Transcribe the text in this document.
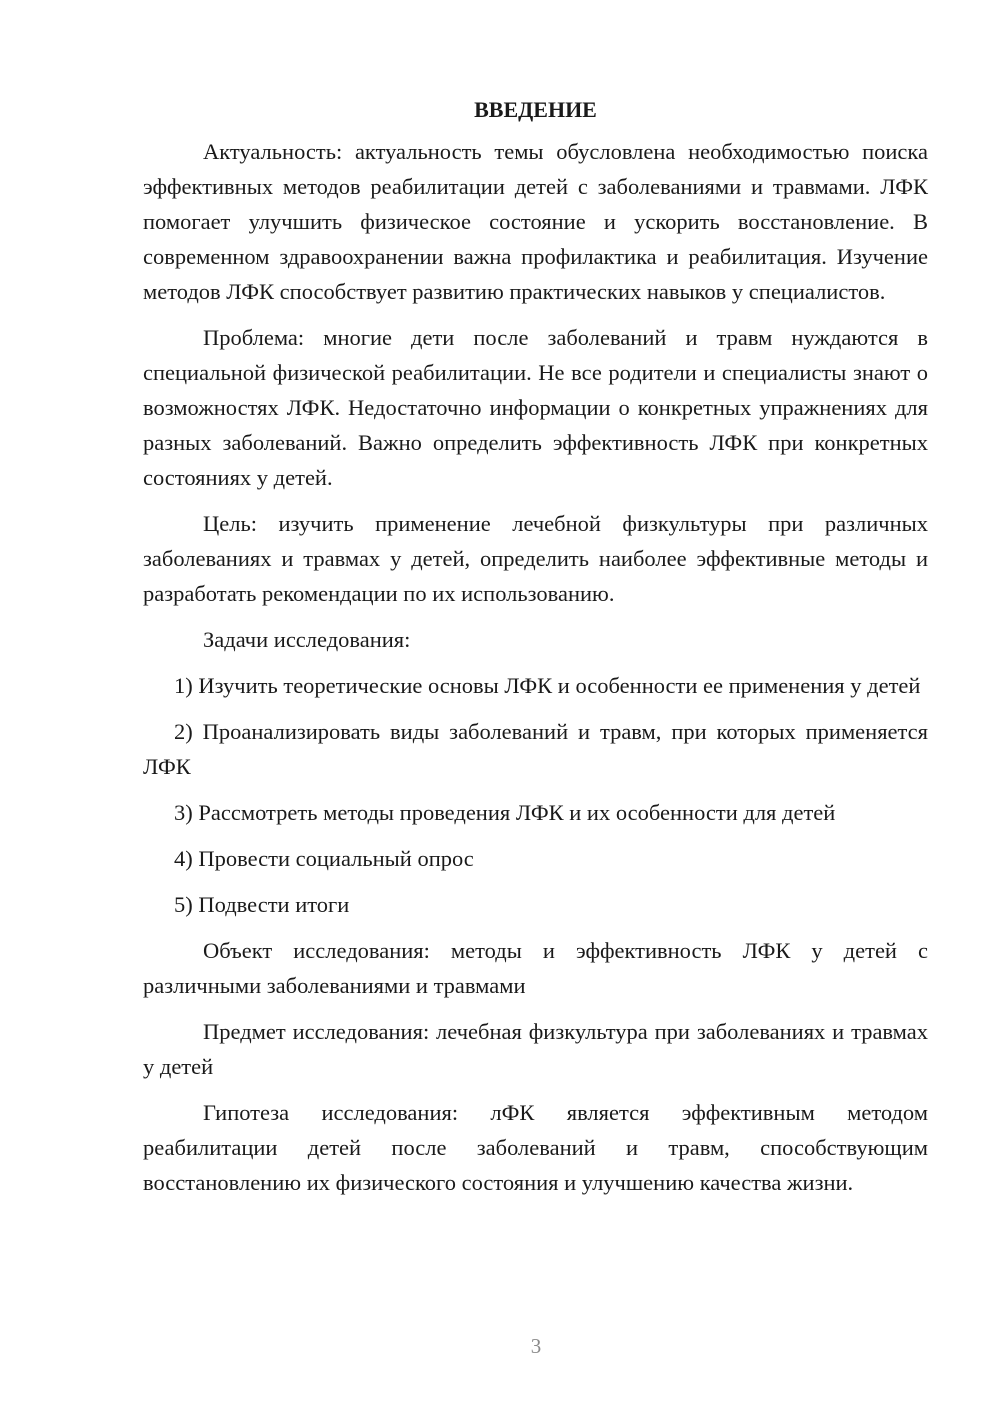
ВВЕДЕНИЕ

Актуальность: актуальность темы обусловлена необходимостью поиска эффективных методов реабилитации детей с заболеваниями и травмами. ЛФК помогает улучшить физическое состояние и ускорить восстановление. В современном здравоохранении важна профилактика и реабилитация. Изучение методов ЛФК способствует развитию практических навыков у специалистов.

Проблема: многие дети после заболеваний и травм нуждаются в специальной физической реабилитации. Не все родители и специалисты знают о возможностях ЛФК. Недостаточно информации о конкретных упражнениях для разных заболеваний. Важно определить эффективность ЛФК при конкретных состояниях у детей.

Цель: изучить применение лечебной физкультуры при различных заболеваниях и травмах у детей, определить наиболее эффективные методы и разработать рекомендации по их использованию.

Задачи исследования:

1) Изучить теоретические основы ЛФК и особенности ее применения у детей

2) Проанализировать виды заболеваний и травм, при которых применяется ЛФК

3) Рассмотреть методы проведения ЛФК и их особенности для детей

4) Провести социальный опрос

5) Подвести итоги

Объект исследования: методы и эффективность ЛФК у детей с различными заболеваниями и травмами

Предмет исследования: лечебная физкультура при заболеваниях и травмах у детей

Гипотеза исследования: лФК является эффективным методом реабилитации детей после заболеваний и травм, способствующим восстановлению их физического состояния и улучшению качества жизни.

3
